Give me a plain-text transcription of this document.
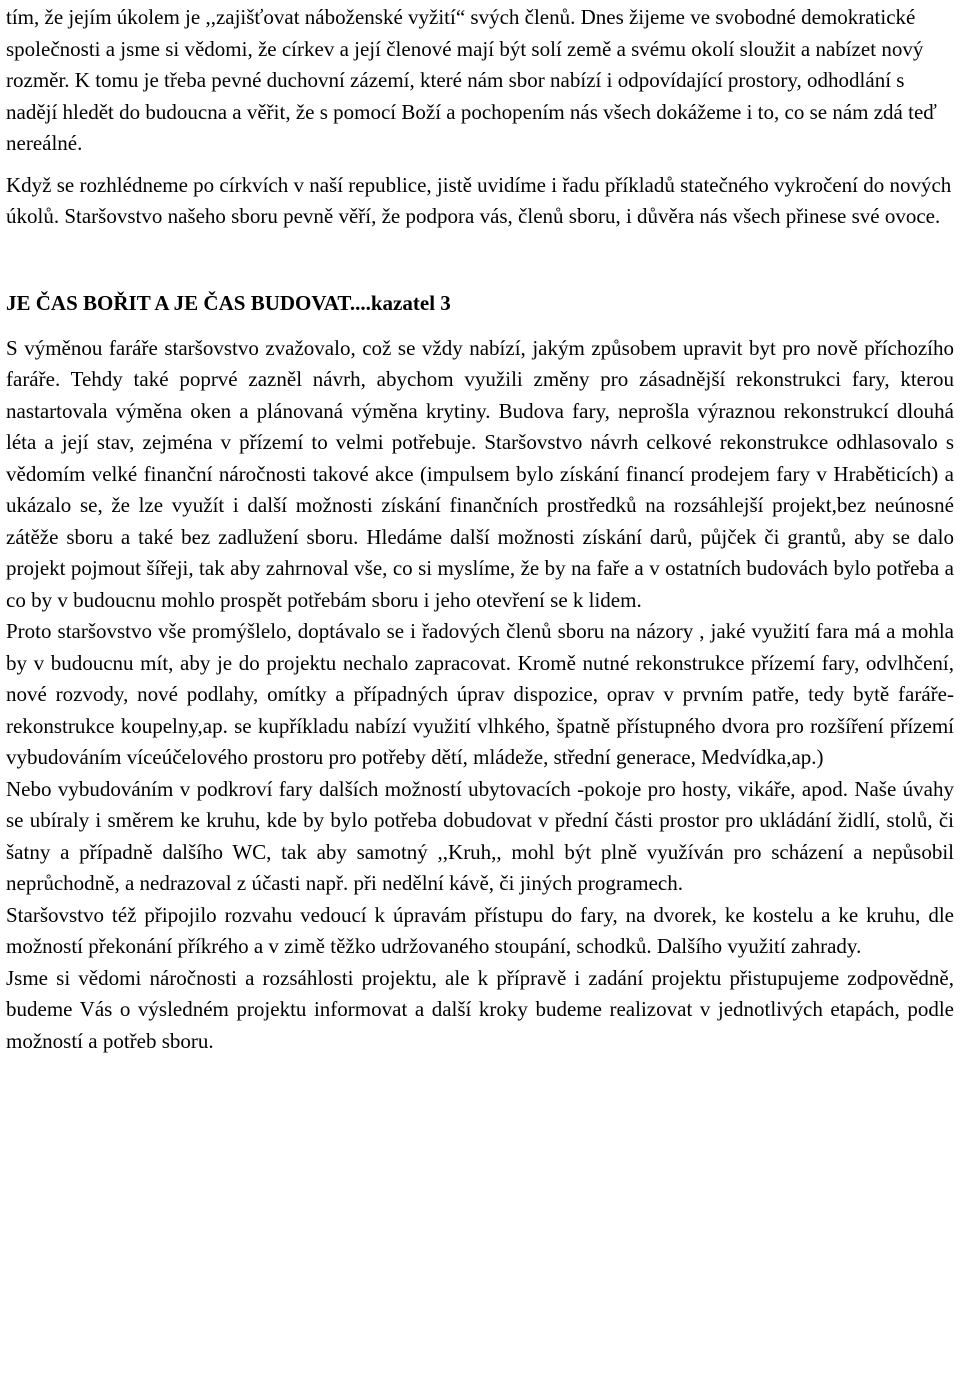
tím, že jejím úkolem je ,,zajišťovat náboženské vyžití“ svých členů. Dnes žijeme ve svobodné demokratické společnosti a jsme si vědomi, že církev a její členové mají být solí země a svému okolí sloužit a nabízet nový rozměr. K tomu je třeba pevné duchovní zázemí, které nám sbor nabízí i odpovídající prostory, odhodlání s nadějí hledět do budoucna a věřit, že s pomocí Boží a pochopením nás všech dokážeme i to, co se nám zdá teď nereálné.

Když se rozhlédneme po církvích v naší republice, jistě uvidíme i řadu příkladů statečného vykročení do nových úkolů. Staršovstvo našeho sboru pevně věří, že podpora vás, členů sboru, i důvěra nás všech přinese své ovoce.

JE ČAS BOŘIT A JE ČAS BUDOVAT....kazatel 3

S výměnou faráře staršovstvo zvažovalo, což se vždy nabízí, jakým způsobem upravit byt pro nově příchozího faráře. Tehdy také poprvé zazněl návrh, abychom využili změny pro zásadnější rekonstrukci fary, kterou nastartovala výměna oken a plánovaná výměna krytiny. Budova fary, neprošla výraznou rekonstrukcí dlouhá léta a její stav, zejména v přízemí to velmi potřebuje. Staršovstvo návrh celkové rekonstrukce odhlasovalo s vědomím velké finanční náročnosti takové akce (impulsem bylo získání financí prodejem fary v Hraběticích) a ukázalo se, že lze využít i další možnosti získání finančních prostředků na rozsáhlejší projekt,bez neúnosné zátěže sboru a také bez zadlužení sboru. Hledáme další možnosti získání darů, půjček či grantů, aby se dalo projekt pojmout šířeji, tak aby zahrnoval vše, co si myslíme, že by na faře a v ostatních budovách bylo potřeba a co by v budoucnu mohlo prospět potřebám sboru i jeho otevření se k lidem.

Proto staršovstvo vše promýšlelo, doptávalo se i řadových členů sboru na názory , jaké využití fara má a mohla by v budoucnu mít, aby je do projektu nechalo zapracovat. Kromě nutné rekonstrukce přízemí fary, odvlhčení, nové rozvody, nové podlahy, omítky a případných úprav dispozice, oprav v prvním patře, tedy bytě faráře-rekonstrukce koupelny,ap. se kupříkladu nabízí využití vlhkého, špatně přístupného dvora pro rozšíření přízemí vybudováním víceúčelového prostoru pro potřeby dětí, mládeže, střední generace, Medvídka,ap.)

Nebo vybudováním v podkroví fary dalších možností ubytovacích -pokoje pro hosty, vikáře, apod. Naše úvahy se ubíraly i směrem ke kruhu, kde by bylo potřeba dobudovat v přední části prostor pro ukládání židlí, stolů, či šatny a případně dalšího WC, tak aby samotný ,,Kruh,, mohl být plně využíván pro scházení a nepůsobil neprůchodně, a nedrazoval z účasti např. při nedělní kávě, či jiných programech.

Staršovstvo též připojilo rozvahu vedoucí k úpravám přístupu do fary, na dvorek, ke kostelu a ke kruhu, dle možností překonání příkrého a v zimě těžko udržovaného stoupání, schodků. Dalšího využití zahrady.

Jsme si vědomi náročnosti a rozsáhlosti projektu, ale k přípravě i zadání projektu přistupujeme zodpovědně, budeme Vás o výsledném projektu informovat a další kroky budeme realizovat v jednotlivých etapách, podle možností a potřeb sboru.
